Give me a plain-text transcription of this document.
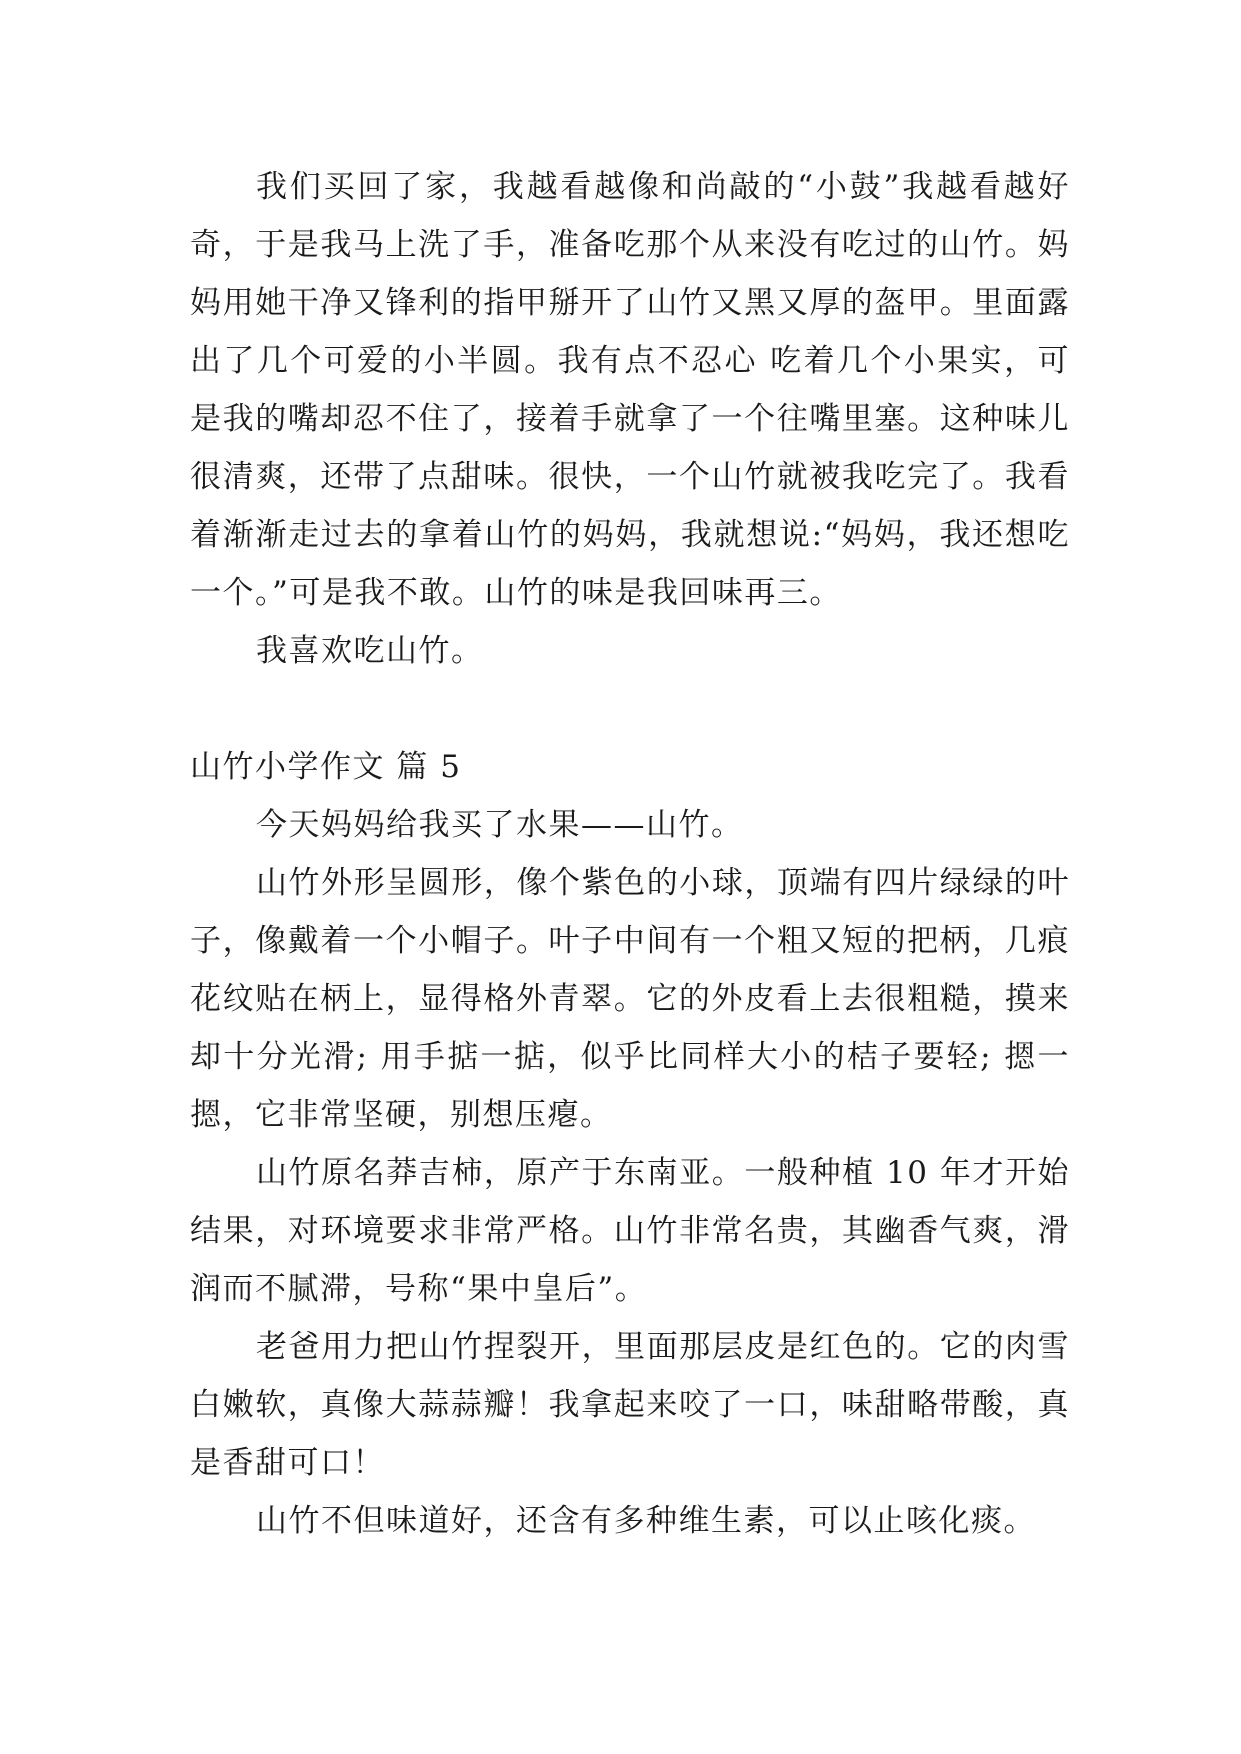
我们买回了家，我越看越像和尚敲的“小鼓”我越看越好奇，于是我马上洗了手，准备吃那个从来没有吃过的山竹。妈妈用她干净又锋利的指甲掰开了山竹又黑又厚的盔甲。里面露出了几个可爱的小半圆。我有点不忍心 吃着几个小果实，可是我的嘴却忍不住了，接着手就拿了一个往嘴里塞。这种味儿很清爽，还带了点甜味。很快，一个山竹就被我吃完了。我看着渐渐走过去的拿着山竹的妈妈，我就想说:“妈妈，我还想吃一个。”可是我不敢。山竹的味是我回味再三。

我喜欢吃山竹。

山竹小学作文 篇 5

今天妈妈给我买了水果——山竹。

山竹外形呈圆形，像个紫色的小球，顶端有四片绿绿的叶子，像戴着一个小帽子。叶子中间有一个粗又短的把柄，几痕花纹贴在柄上，显得格外青翠。它的外皮看上去很粗糙，摸来却十分光滑; 用手掂一掂，似乎比同样大小的桔子要轻; 摁一摁，它非常坚硬，别想压瘪。

山竹原名莽吉柿，原产于东南亚。一般种植 10 年才开始结果，对环境要求非常严格。山竹非常名贵，其幽香气爽，滑润而不腻滞，号称“果中皇后”。

老爸用力把山竹捏裂开，里面那层皮是红色的。它的肉雪白嫩软，真像大蒜蒜瓣！我拿起来咬了一口，味甜略带酸，真是香甜可口！

山竹不但味道好，还含有多种维生素，可以止咳化痰。
